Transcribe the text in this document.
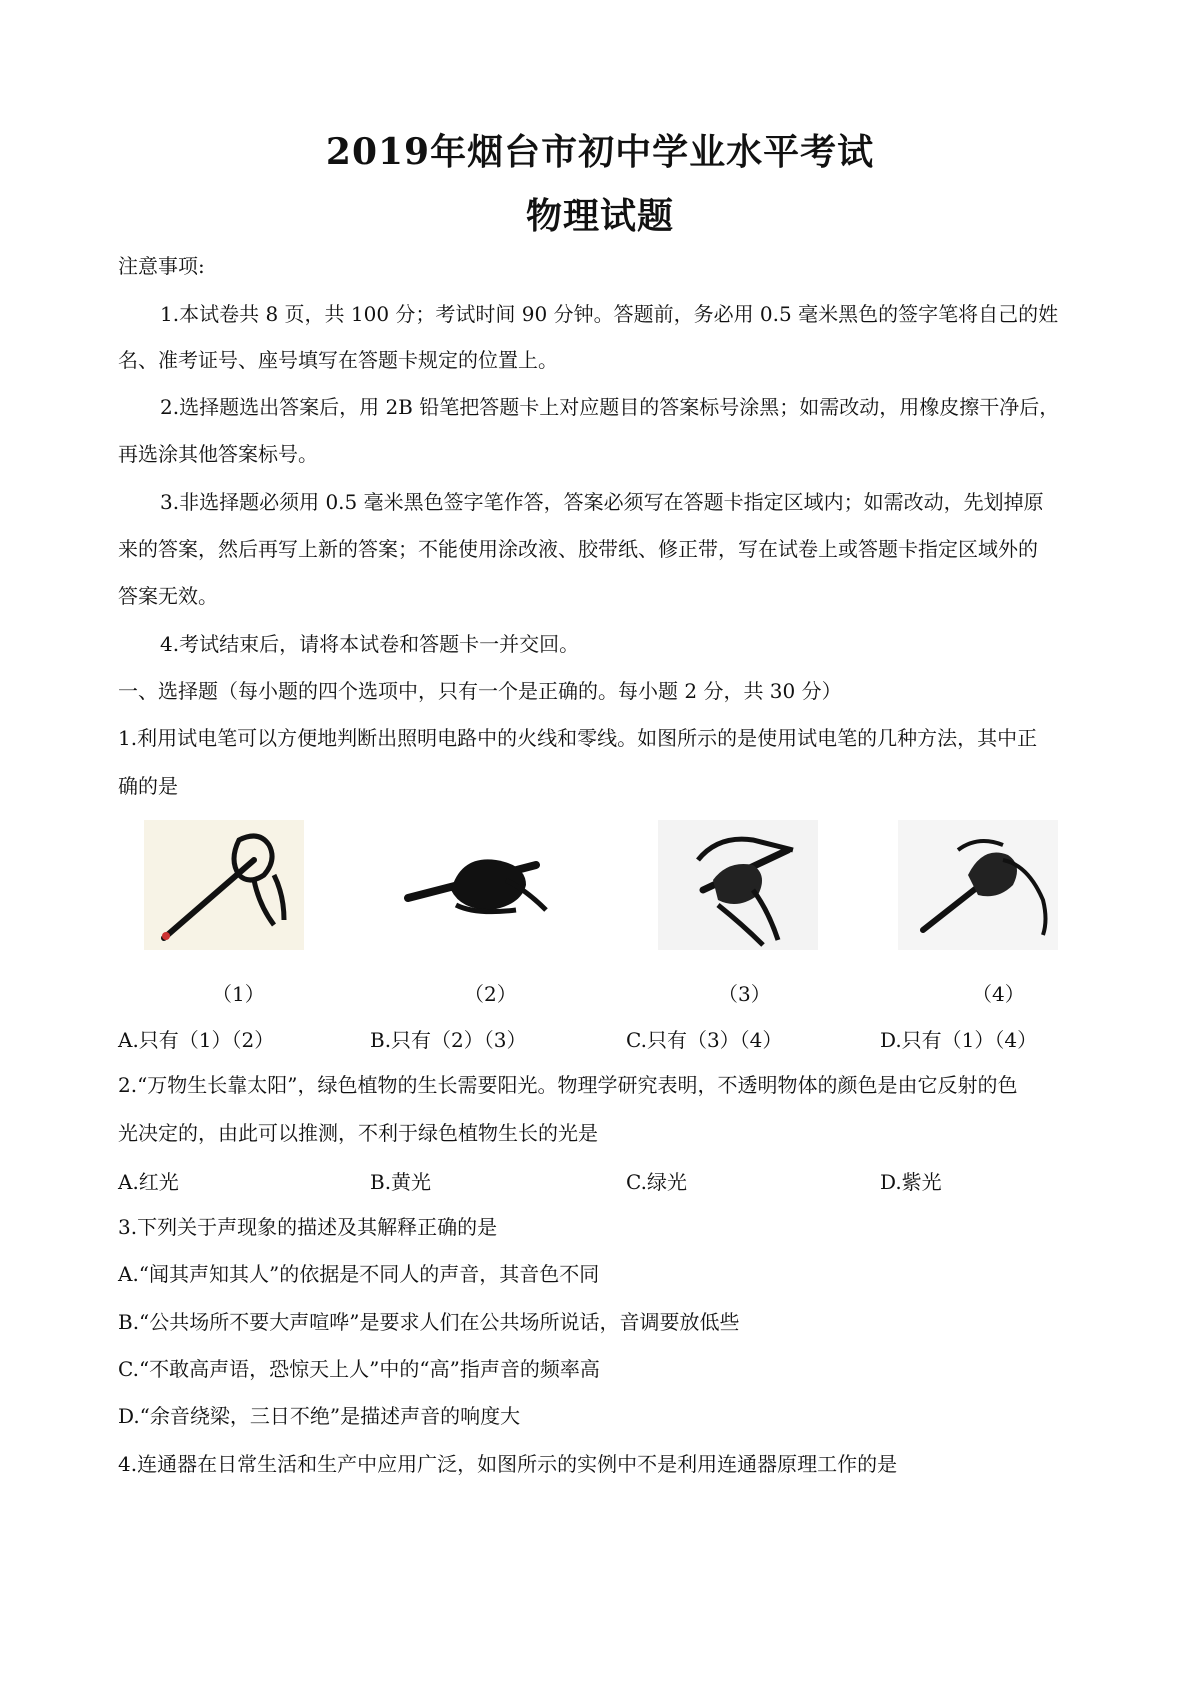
2019年烟台市初中学业水平考试
物理试题
注意事项:
1.本试卷共 8 页，共 100 分；考试时间 90 分钟。答题前，务必用 0.5 毫米黑色的签字笔将自己的姓
名、准考证号、座号填写在答题卡规定的位置上。
2.选择题选出答案后，用 2B 铅笔把答题卡上对应题目的答案标号涂黑；如需改动，用橡皮擦干净后，
再选涂其他答案标号。
3.非选择题必须用 0.5 毫米黑色签字笔作答，答案必须写在答题卡指定区域内；如需改动，先划掉原
来的答案，然后再写上新的答案；不能使用涂改液、胶带纸、修正带，写在试卷上或答题卡指定区域外的
答案无效。
4.考试结束后，请将本试卷和答题卡一并交回。
一、选择题（每小题的四个选项中，只有一个是正确的。每小题 2 分，共 30 分）
1.利用试电笔可以方便地判断出照明电路中的火线和零线。如图所示的是使用试电笔的几种方法，其中正
确的是
（1）	（2）	（3）	（4）
A.只有（1）（2）	B.只有（2）（3）	C.只有（3）（4）	D.只有（1）（4）
2.“万物生长靠太阳”，绿色植物的生长需要阳光。物理学研究表明，不透明物体的颜色是由它反射的色
光决定的，由此可以推测，不利于绿色植物生长的光是
A.红光	B.黄光	C.绿光	D.紫光
3.下列关于声现象的描述及其解释正确的是
A.“闻其声知其人”的依据是不同人的声音，其音色不同
B.“公共场所不要大声喧哗”是要求人们在公共场所说话，音调要放低些
C.“不敢高声语，恐惊天上人”中的“高”指声音的频率高
D.“余音绕梁，三日不绝”是描述声音的响度大
4.连通器在日常生活和生产中应用广泛，如图所示的实例中不是利用连通器原理工作的是
